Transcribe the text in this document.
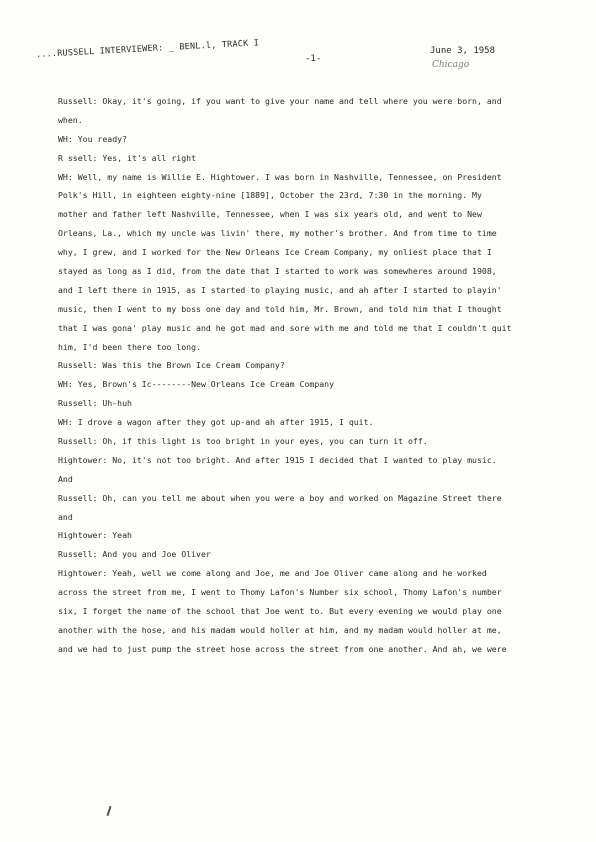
....RUSSELL INTERVIEWER: _ BENL.l, TRACK I	-1-
June 3, 1958
Chicago
Russell: Okay, it's going, if you want to give your name and tell where you were born, and
when.
WH: You ready?
R ssell: Yes, it's all right
WH: Well, my name is Willie E. Hightower. I was born in Nashville, Tennessee, on President
Polk's Hill, in eighteen eighty-nine [1889], October the 23rd, 7:30 in the morning. My
mother and father left Nashville, Tennessee, when I was six years old, and went to New
Orleans, La., which my uncle was livin' there, my mother's brother. And from time to time
why, I grew, and I worked for the New Orleans Ice Cream Company, my onliest place that I
stayed as long as I did, from the date that I started to work was somewheres around 1908,
and I left there in 1915, as I started to playing music, and ah after I started to playin'
music, then I went to my boss one day and told him, Mr. Brown, and told him that I thought
that I was gonа' play music and he got mad and sore with me and told me that I couldn't quit
him, I'd been there too long.
Russell: Was this the Brown Ice Cream Company?
WH: Yes, Brown's Ic--------New Orleans Ice Cream Company
Russell: Uh-huh
WH: I drove a wagon after they got up-and ah after 1915, I quit.
Russell: Oh, if this light is too bright in your eyes, you can turn it off.
Hightower: No, it's not too bright. And after 1915 I decided that I wanted to play music.
And
Russell: Oh, can you tell me about when you were a boy and worked on Magazine Street there
and
Hightower: Yeah
Russell: And you and Joe Oliver
Hightower: Yeah, well we come along and Joe, me and Joe Oliver came along and he worked
across the street from me, I went to Thomy Lafon's Number six school, Thomy Lafon's number
six, I forget the name of the school that Joe went to. But every evening we would play one
another with the hose, and his madam would holler at him, and my madam would holler at me,
and we had to just pump the street hose across the street from one another. And ah, we were
